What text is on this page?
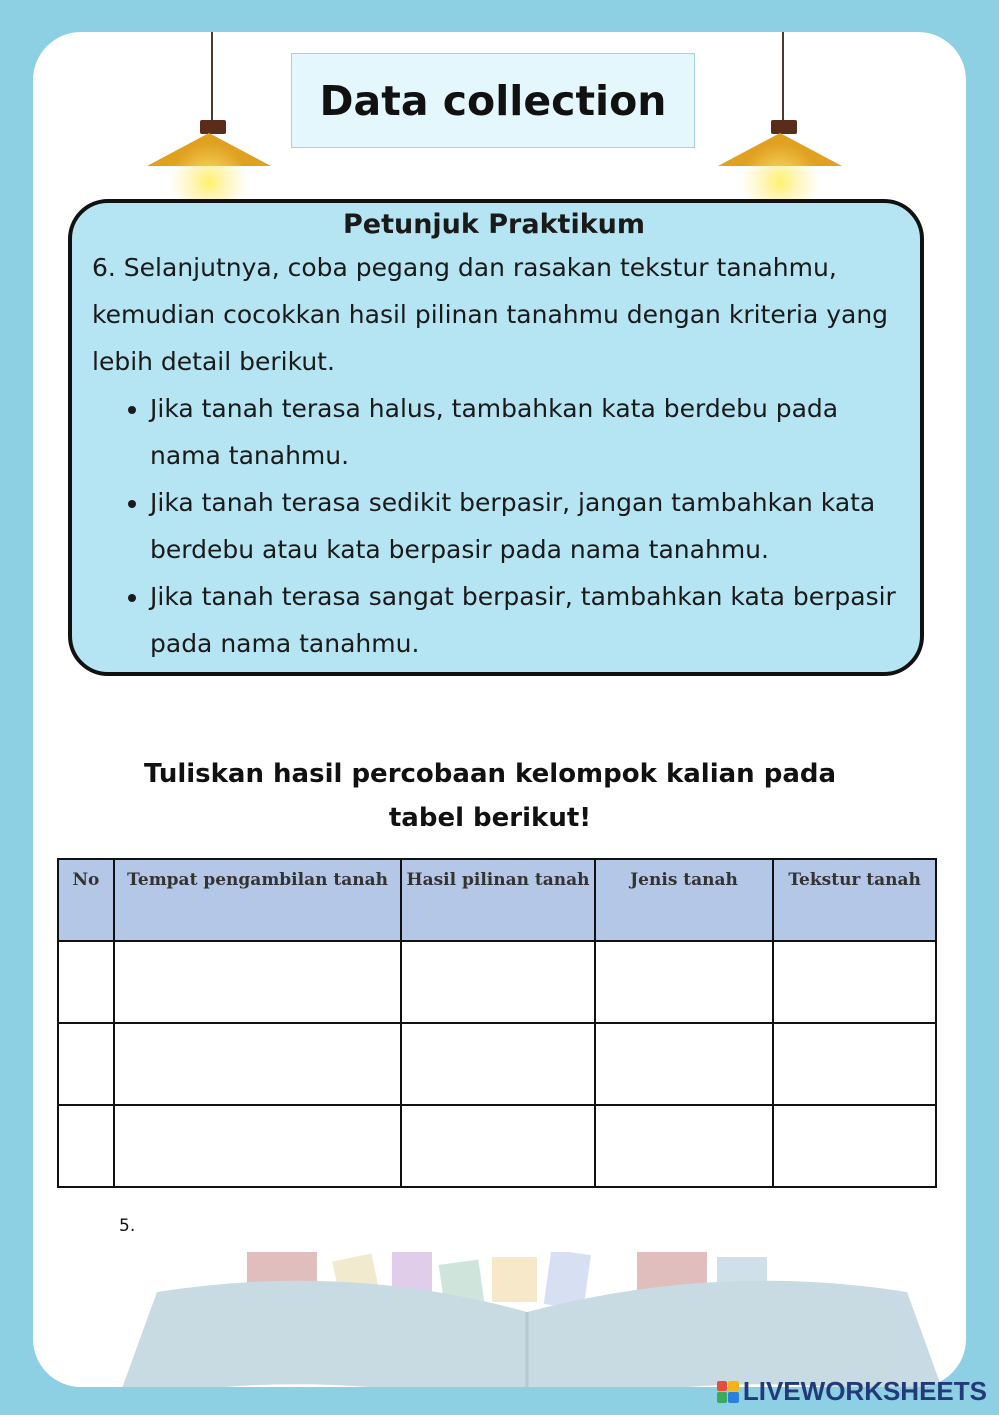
Data collection
Petunjuk Praktikum

6. Selanjutnya, coba pegang dan rasakan tekstur tanahmu, kemudian cocokkan hasil pilinan tanahmu dengan kriteria yang lebih detail berikut.

• Jika tanah terasa halus, tambahkan kata berdebu pada nama tanahmu.
• Jika tanah terasa sedikit berpasir, jangan tambahkan kata berdebu atau kata berpasir pada nama tanahmu.
• Jika tanah terasa sangat berpasir, tambahkan kata berpasir pada nama tanahmu.
Tuliskan hasil percobaan kelompok kalian pada
tabel berikut!
No	Tempat pengambilan tanah	Hasil pilinan tanah	Jenis tanah	Tekstur tanah

5.
LIVEWORKSHEETS
